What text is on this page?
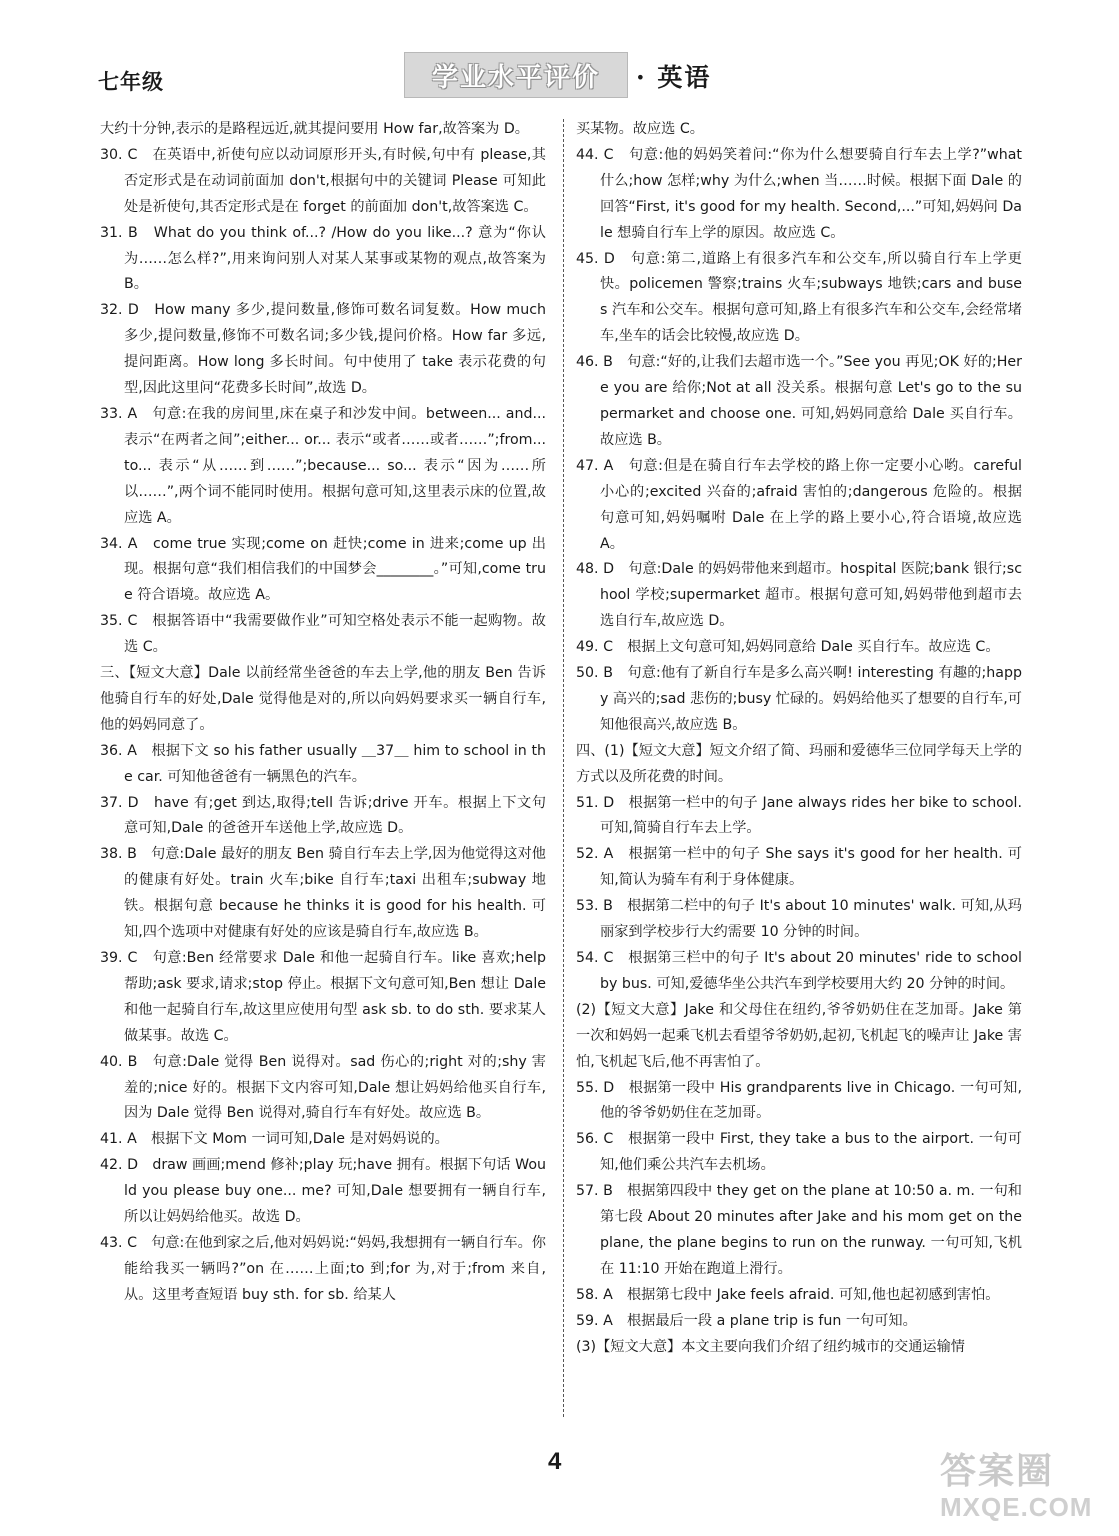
七年级	学业水平评价 · 英语
大约十分钟,表示的是路程远近,就其提问要用 How far,故答案为 D。
30. C　在英语中,祈使句应以动词原形开头,有时候,句中有 please,其否定形式是在动词前面加 don't,根据句中的关键词 Please 可知此处是祈使句,其否定形式是在 forget 的前面加 don't,故答案选 C。
31. B　What do you think of...? /How do you like...? 意为“你认为……怎么样?”,用来询问别人对某人某事或某物的观点,故答案为 B。
32. D　How many 多少,提问数量,修饰可数名词复数。How much 多少,提问数量,修饰不可数名词;多少钱,提问价格。How far 多远,提问距离。How long 多长时间。句中使用了 take 表示花费的句型,因此这里问“花费多长时间”,故选 D。
33. A　句意:在我的房间里,床在桌子和沙发中间。between... and... 表示“在两者之间”;either... or... 表示“或者……或者……”;from... to... 表示“从……到……”;because... so... 表示“因为……所以……”,两个词不能同时使用。根据句意可知,这里表示床的位置,故应选 A。
34. A　come true 实现;come on 赶快;come in 进来;come up 出现。根据句意“我们相信我们的中国梦会________。”可知,come true 符合语境。故应选 A。
35. C　根据答语中“我需要做作业”可知空格处表示不能一起购物。故选 C。
三、【短文大意】Dale 以前经常坐爸爸的车去上学,他的朋友 Ben 告诉他骑自行车的好处,Dale 觉得他是对的,所以向妈妈要求买一辆自行车,他的妈妈同意了。
36. A　根据下文 so his father usually ＿37＿ him to school in the car. 可知他爸爸有一辆黑色的汽车。
37. D　have 有;get 到达,取得;tell 告诉;drive 开车。根据上下文句意可知,Dale 的爸爸开车送他上学,故应选 D。
38. B　句意:Dale 最好的朋友 Ben 骑自行车去上学,因为他觉得这对他的健康有好处。train 火车;bike 自行车;taxi 出租车;subway 地铁。根据句意 because he thinks it is good for his health. 可知,四个选项中对健康有好处的应该是骑自行车,故应选 B。
39. C　句意:Ben 经常要求 Dale 和他一起骑自行车。like 喜欢;help 帮助;ask 要求,请求;stop 停止。根据下文句意可知,Ben 想让 Dale 和他一起骑自行车,故这里应使用句型 ask sb. to do sth. 要求某人做某事。故选 C。
40. B　句意:Dale 觉得 Ben 说得对。sad 伤心的;right 对的;shy 害羞的;nice 好的。根据下文内容可知,Dale 想让妈妈给他买自行车,因为 Dale 觉得 Ben 说得对,骑自行车有好处。故应选 B。
41. A　根据下文 Mom 一词可知,Dale 是对妈妈说的。
42. D　draw 画画;mend 修补;play 玩;have 拥有。根据下句话 Would you please buy one... me? 可知,Dale 想要拥有一辆自行车,所以让妈妈给他买。故选 D。
43. C　句意:在他到家之后,他对妈妈说:“妈妈,我想拥有一辆自行车。你能给我买一辆吗?”on 在……上面;to 到;for 为,对于;from 来自,从。这里考查短语 buy sth. for sb. 给某人
买某物。故应选 C。
44. C　句意:他的妈妈笑着问:“你为什么想要骑自行车去上学?”what 什么;how 怎样;why 为什么;when 当……时候。根据下面 Dale 的回答“First, it's good for my health. Second,...”可知,妈妈问 Dale 想骑自行车上学的原因。故应选 C。
45. D　句意:第二,道路上有很多汽车和公交车,所以骑自行车上学更快。policemen 警察;trains 火车;subways 地铁;cars and buses 汽车和公交车。根据句意可知,路上有很多汽车和公交车,会经常堵车,坐车的话会比较慢,故应选 D。
46. B　句意:“好的,让我们去超市选一个。”See you 再见;OK 好的;Here you are 给你;Not at all 没关系。根据句意 Let's go to the supermarket and choose one. 可知,妈妈同意给 Dale 买自行车。故应选 B。
47. A　句意:但是在骑自行车去学校的路上你一定要小心哟。careful 小心的;excited 兴奋的;afraid 害怕的;dangerous 危险的。根据句意可知,妈妈嘱咐 Dale 在上学的路上要小心,符合语境,故应选 A。
48. D　句意:Dale 的妈妈带他来到超市。hospital 医院;bank 银行;school 学校;supermarket 超市。根据句意可知,妈妈带他到超市去选自行车,故应选 D。
49. C　根据上文句意可知,妈妈同意给 Dale 买自行车。故应选 C。
50. B　句意:他有了新自行车是多么高兴啊! interesting 有趣的;happy 高兴的;sad 悲伤的;busy 忙碌的。妈妈给他买了想要的自行车,可知他很高兴,故应选 B。
四、(1)【短文大意】短文介绍了简、玛丽和爱德华三位同学每天上学的方式以及所花费的时间。
51. D　根据第一栏中的句子 Jane always rides her bike to school. 可知,简骑自行车去上学。
52. A　根据第一栏中的句子 She says it's good for her health. 可知,简认为骑车有利于身体健康。
53. B　根据第二栏中的句子 It's about 10 minutes' walk. 可知,从玛丽家到学校步行大约需要 10 分钟的时间。
54. C　根据第三栏中的句子 It's about 20 minutes' ride to school by bus. 可知,爱德华坐公共汽车到学校要用大约 20 分钟的时间。
(2)【短文大意】Jake 和父母住在纽约,爷爷奶奶住在芝加哥。Jake 第一次和妈妈一起乘飞机去看望爷爷奶奶,起初,飞机起飞的噪声让 Jake 害怕,飞机起飞后,他不再害怕了。
55. D　根据第一段中 His grandparents live in Chicago. 一句可知,他的爷爷奶奶住在芝加哥。
56. C　根据第一段中 First, they take a bus to the airport. 一句可知,他们乘公共汽车去机场。
57. B　根据第四段中 they get on the plane at 10:50 a. m. 一句和第七段 About 20 minutes after Jake and his mom get on the plane, the plane begins to run on the runway. 一句可知,飞机在 11:10 开始在跑道上滑行。
58. A　根据第七段中 Jake feels afraid. 可知,他也起初感到害怕。
59. A　根据最后一段 a plane trip is fun 一句可知。
(3)【短文大意】本文主要向我们介绍了纽约城市的交通运输情
4	答 案 圈
MXQE.COM
